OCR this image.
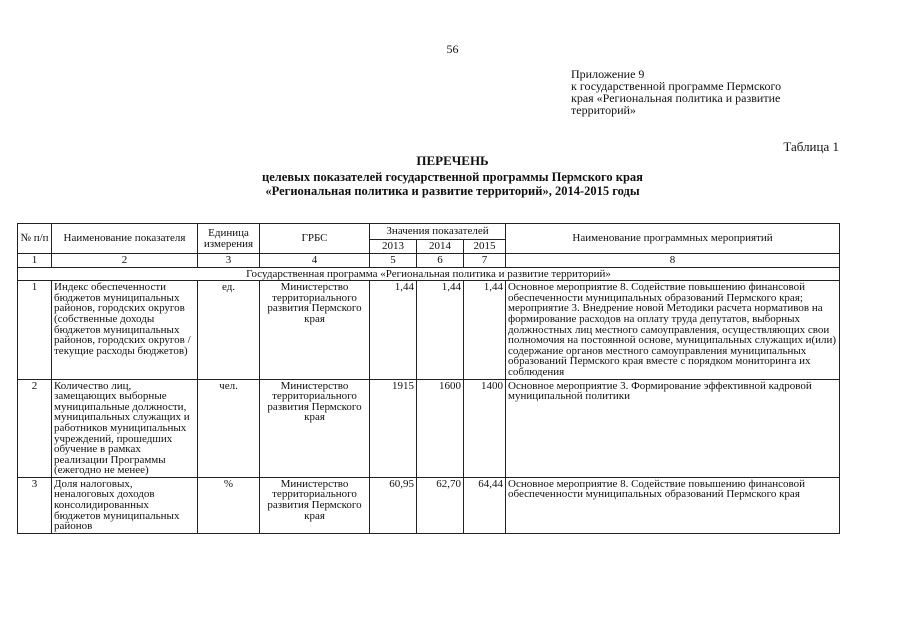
56
Приложение 9
к государственной программе Пермского
края «Региональная политика и развитие
территорий»
Таблица 1
ПЕРЕЧЕНЬ
целевых показателей государственной программы Пермского края
«Региональная политика и развитие территорий», 2014-2015 годы
№ п/п	Наименование показателя	Единица измерения	ГРБС	Значения показателей			Наименование программных мероприятий
				2013	2014	2015	
1	2	3	4	5	6	7	8
Государственная программа «Региональная политика и развитие территорий»							
1	Индекс обеспеченности бюджетов муниципальных районов, городских округов (собственные доходы бюджетов муниципальных районов, городских округов / текущие расходы бюджетов)	ед.	Министерство территориального развития Пермского края	1,44	1,44	1,44	Основное мероприятие 8. Содействие повышению финансовой обеспеченности муниципальных образований Пермского края; мероприятие 3. Внедрение новой Методики расчета нормативов на формирование расходов на оплату труда депутатов, выборных должностных лиц местного самоуправления, осуществляющих свои полномочия на постоянной основе, муниципальных служащих и(или) содержание органов местного самоуправления муниципальных образований Пермского края вместе с порядком мониторинга их соблюдения
2	Количество лиц, замещающих выборные муниципальные должности, муниципальных служащих и работников муниципальных учреждений, прошедших обучение в рамках реализации Программы (ежегодно не менее)	чел.	Министерство территориального развития Пермского края	1915	1600	1400	Основное мероприятие 3. Формирование эффективной кадровой муниципальной политики
3	Доля налоговых, неналоговых доходов консолидированных бюджетов муниципальных районов	%	Министерство территориального развития Пермского края	60,95	62,70	64,44	Основное мероприятие 8. Содействие повышению финансовой обеспеченности муниципальных образований Пермского края
